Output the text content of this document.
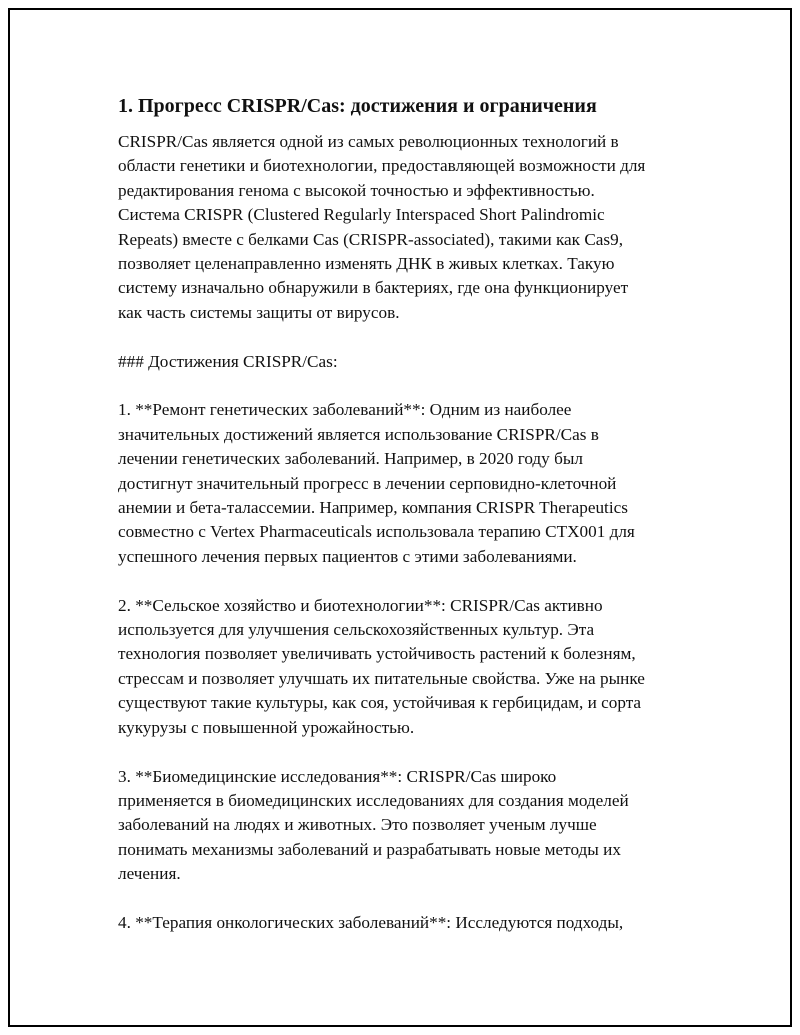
1. Прогресс CRISPR/Cas: достижения и ограничения

CRISPR/Cas является одной из самых революционных технологий в
области генетики и биотехнологии, предоставляющей возможности для
редактирования генома с высокой точностью и эффективностью.
Система CRISPR (Clustered Regularly Interspaced Short Palindromic
Repeats) вместе с белками Cas (CRISPR-associated), такими как Cas9,
позволяет целенаправленно изменять ДНК в живых клетках. Такую
систему изначально обнаружили в бактериях, где она функционирует
как часть системы защиты от вирусов.

### Достижения CRISPR/Cas:

1. **Ремонт генетических заболеваний**: Одним из наиболее
значительных достижений является использование CRISPR/Cas в
лечении генетических заболеваний. Например, в 2020 году был
достигнут значительный прогресс в лечении серповидно-клеточной
анемии и бета-талассемии. Например, компания CRISPR Therapeutics
совместно с Vertex Pharmaceuticals использовала терапию CTX001 для
успешного лечения первых пациентов с этими заболеваниями.

2. **Сельское хозяйство и биотехнологии**: CRISPR/Cas активно
используется для улучшения сельскохозяйственных культур. Эта
технология позволяет увеличивать устойчивость растений к болезням,
стрессам и позволяет улучшать их питательные свойства. Уже на рынке
существуют такие культуры, как соя, устойчивая к гербицидам, и сорта
кукурузы с повышенной урожайностью.

3. **Биомедицинские исследования**: CRISPR/Cas широко
применяется в биомедицинских исследованиях для создания моделей
заболеваний на людях и животных. Это позволяет ученым лучше
понимать механизмы заболеваний и разрабатывать новые методы их
лечения.

4. **Терапия онкологических заболеваний**: Исследуются подходы,
